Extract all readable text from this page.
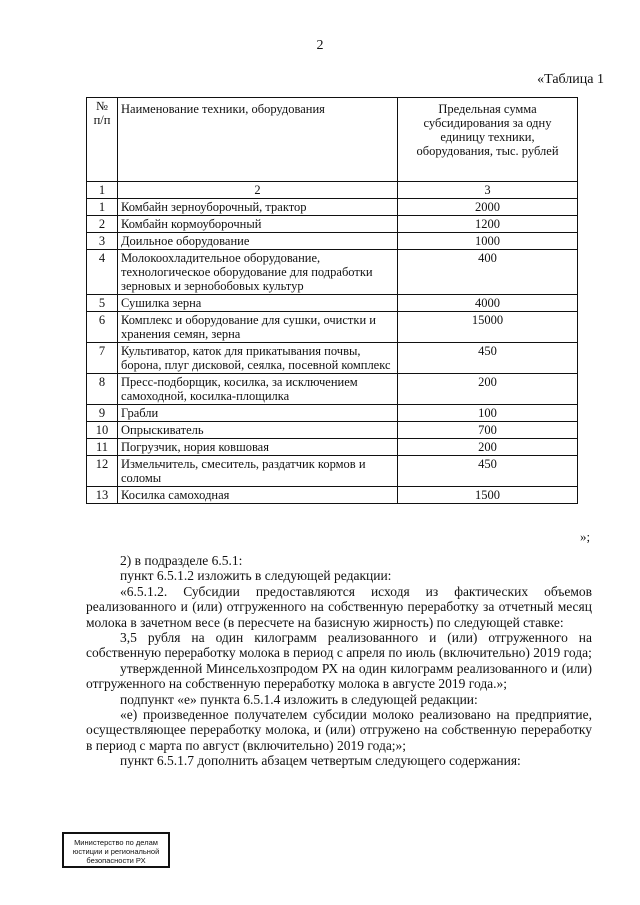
2
«Таблица 1
№ п/п	Наименование техники, оборудования	Предельная сумма субсидирования за одну единицу техники, оборудования, тыс. рублей
1	2	3
1	Комбайн зерноуборочный, трактор	2000
2	Комбайн кормоуборочный	1200
3	Доильное оборудование	1000
4	Молокоохладительное оборудование, технологическое оборудование для подработки зерновых и зернобобовых культур	400
5	Сушилка зерна	4000
6	Комплекс и оборудование для сушки, очистки и хранения семян, зерна	15000
7	Культиватор, каток для прикатывания почвы, борона, плуг дисковой, сеялка, посевной комплекс	450
8	Пресс-подборщик, косилка, за исключением самоходной, косилка-площилка	200
9	Грабли	100
10	Опрыскиватель	700
11	Погрузчик, нория ковшовая	200
12	Измельчитель, смеситель, раздатчик кормов и соломы	450
13	Косилка самоходная	1500
»;

2) в подразделе 6.5.1:

пункт 6.5.1.2 изложить в следующей редакции:

«6.5.1.2. Субсидии предоставляются исходя из фактических объемов реализованного и (или) отгруженного на собственную переработку за отчетный месяц молока в зачетном весе (в пересчете на базисную жирность) по следующей ставке:

3,5 рубля на один килограмм реализованного и (или) отгруженного на собственную переработку молока в период с апреля по июль (включительно) 2019 года;

утвержденной Минсельхозпродом РХ на один килограмм реализованного и (или) отгруженного на собственную переработку молока в августе 2019 года.»;

подпункт «е» пункта 6.5.1.4 изложить в следующей редакции:

«е) произведенное получателем субсидии молоко реализовано на предприятие, осуществляющее переработку молока, и (или) отгружено на собственную переработку в период с марта по август (включительно) 2019 года;»;

пункт 6.5.1.7 дополнить абзацем четвертым следующего содержания:

Министерство по делам
юстиции и региональной
безопасности РХ
